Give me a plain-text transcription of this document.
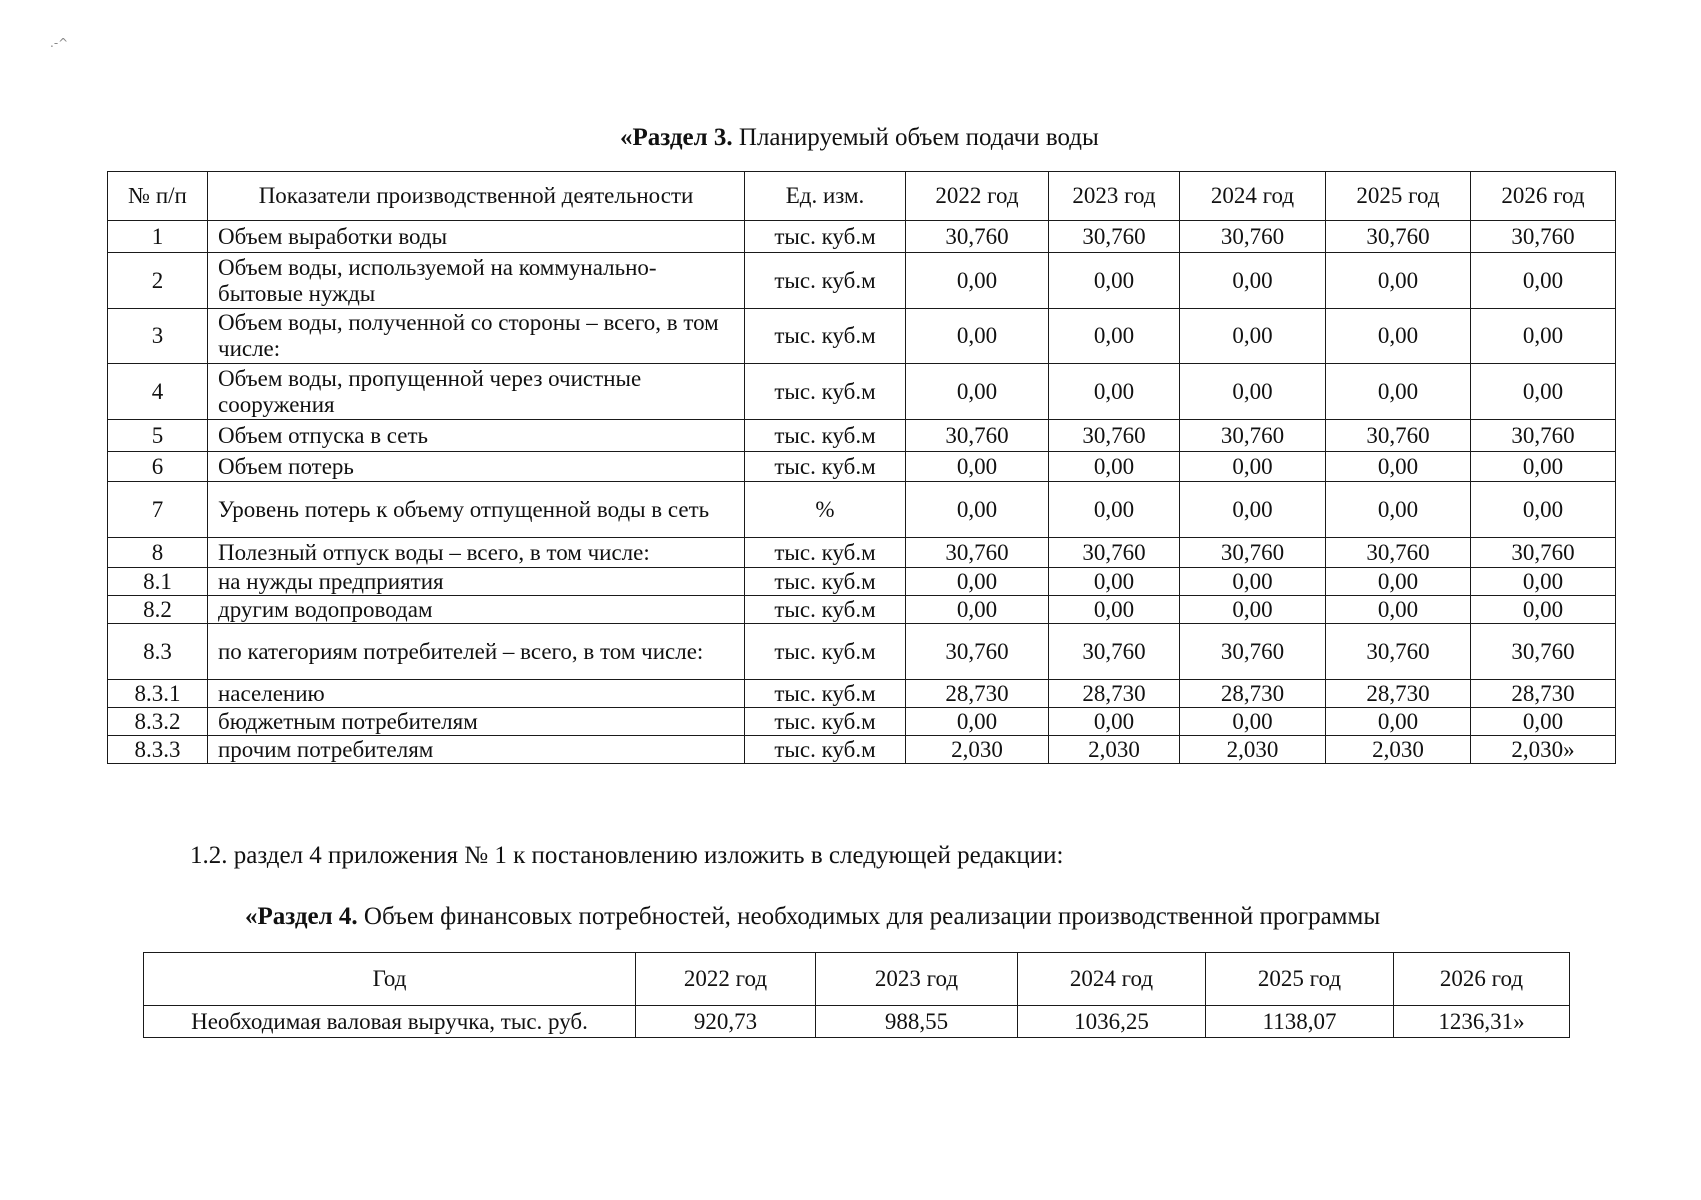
.-^
«Раздел 3. Планируемый объем подачи воды
№ п/п	Показатели производственной деятельности	Ед. изм.	2022 год	2023 год	2024 год	2025 год	2026 год
1	Объем выработки воды	тыс. куб.м	30,760	30,760	30,760	30,760	30,760
2	Объем воды, используемой на коммунально-бытовые нужды	тыс. куб.м	0,00	0,00	0,00	0,00	0,00
3	Объем воды, полученной со стороны – всего, в том числе:	тыс. куб.м	0,00	0,00	0,00	0,00	0,00
4	Объем воды, пропущенной через очистные сооружения	тыс. куб.м	0,00	0,00	0,00	0,00	0,00
5	Объем отпуска в сеть	тыс. куб.м	30,760	30,760	30,760	30,760	30,760
6	Объем потерь	тыс. куб.м	0,00	0,00	0,00	0,00	0,00
7	Уровень потерь к объему отпущенной воды в сеть	%	0,00	0,00	0,00	0,00	0,00
8	Полезный отпуск воды – всего, в том числе:	тыс. куб.м	30,760	30,760	30,760	30,760	30,760
8.1	на нужды предприятия	тыс. куб.м	0,00	0,00	0,00	0,00	0,00
8.2	другим водопроводам	тыс. куб.м	0,00	0,00	0,00	0,00	0,00
8.3	по категориям потребителей – всего, в том числе:	тыс. куб.м	30,760	30,760	30,760	30,760	30,760
8.3.1	населению	тыс. куб.м	28,730	28,730	28,730	28,730	28,730
8.3.2	бюджетным потребителям	тыс. куб.м	0,00	0,00	0,00	0,00	0,00
8.3.3	прочим потребителям	тыс. куб.м	2,030	2,030	2,030	2,030	2,030»
1.2. раздел 4 приложения № 1 к постановлению изложить в следующей редакции:
«Раздел 4. Объем финансовых потребностей, необходимых для реализации производственной программы
Год	2022 год	2023 год	2024 год	2025 год	2026 год
Необходимая валовая выручка, тыс. руб.	920,73	988,55	1036,25	1138,07	1236,31»
